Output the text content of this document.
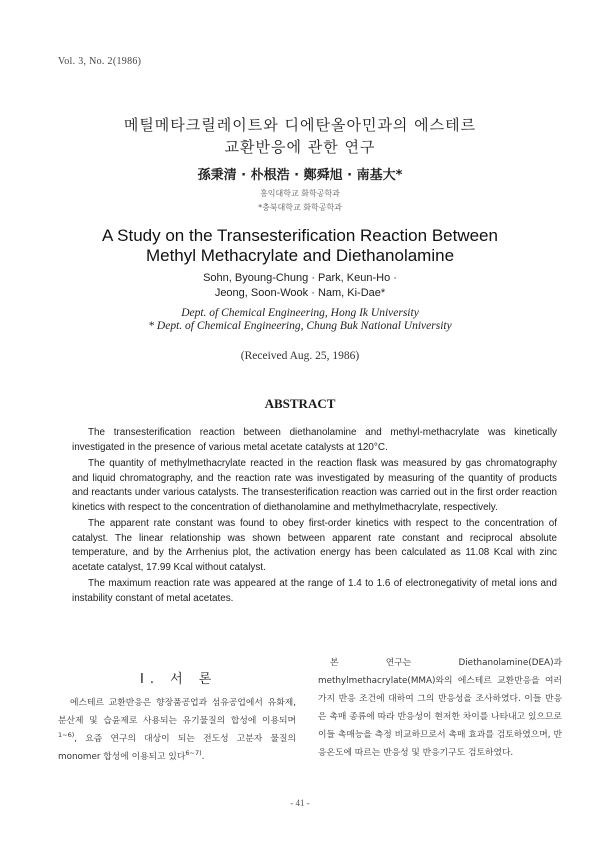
Vol. 3, No. 2(1986)
메틸메타크릴레이트와 디에탄올아민과의 에스테르
교환반응에 관한 연구
孫秉清 · 朴根浩 · 鄭舜旭 · 南基大*
홍익대학교 화학공학과
*충북대학교 화학공학과
A Study on the Transesterification Reaction Between
Methyl Methacrylate and Diethanolamine
Sohn, Byoung-Chung · Park, Keun-Ho ·
Jeong, Soon-Wook · Nam, Ki-Dae*
Dept. of Chemical Engineering, Hong Ik University
* Dept. of Chemical Engineering, Chung Buk National University
(Received Aug. 25, 1986)
ABSTRACT

The transesterification reaction between diethanolamine and methyl-methacrylate was kinetically investigated in the presence of various metal acetate catalysts at 120°C.

The quantity of methylmethacrylate reacted in the reaction flask was measured by gas chromatography and liquid chromatography, and the reaction rate was investigated by measuring of the quantity of products and reactants under various catalysts. The transesterification reaction was carried out in the first order reaction kinetics with respect to the concentration of diethanolamine and methylmethacrylate, respectively.

The apparent rate constant was found to obey first-order kinetics with respect to the concentration of catalyst. The linear relationship was shown between apparent rate constant and reciprocal absolute temperature, and by the Arrhenius plot, the activation energy has been calculated as 11.08 Kcal with zinc acetate catalyst, 17.99 Kcal without catalyst.

The maximum reaction rate was appeared at the range of 1.4 to 1.6 of electronegativity of metal ions and instability constant of metal acetates.

I. 서 론

에스테르 교환반응은 향장품공업과 섬유공업에서 유화제, 분산제 및 습윤제로 사용되는 유기물질의 합성에 이용되며$^{1\sim 6)}$, 요즘 연구의 대상이 되는 전도성 고분자 물질의 monomer 합성에 이용되고 있다$^{6\sim 7)}$.

본 연구는 Diethanolamine(DEA)과 methylmethacrylate(MMA)와의 에스테르 교환반응을 여러가지 반응 조건에 대하여 그의 반응성을 조사하였다. 이들 반응은 촉매 종류에 따라 반응성이 현저한 차이를 나타내고 있으므로 이들 촉매능을 측정 비교하므로서 촉매 효과를 검토하였으며, 반응온도에 따르는 반응성 및 반응기구도 검토하였다.

- 41 -
